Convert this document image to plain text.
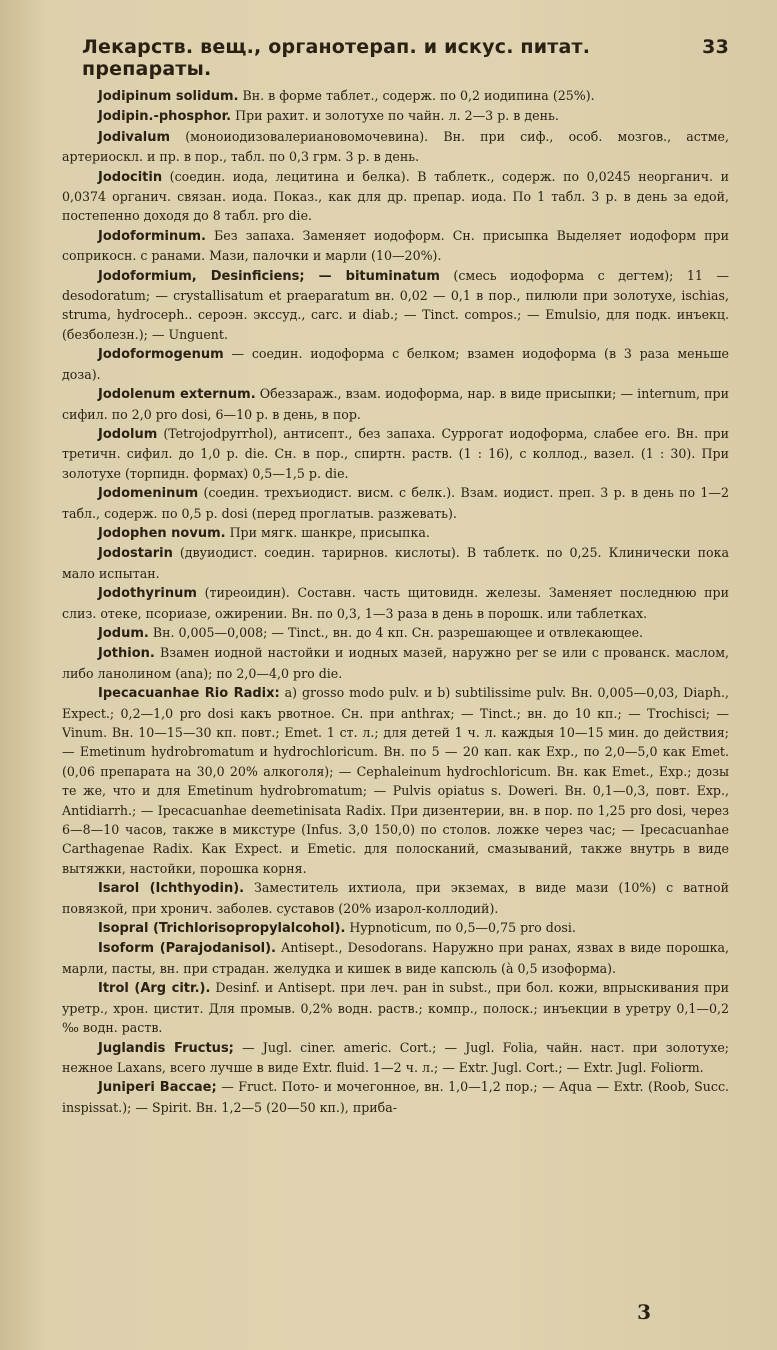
Лекарств. вещ., органотерап. и искус. питат. препараты.
33

Jodipinum solidum. Вн. в форме таблет., содерж. по 0,2 иодипина (25%).

Jodipin.-phosphor. При рахит. и золотухе по чайн. л. 2—3 р. в день.

Jodivalum (моноиодизовалериановомочевина). Вн. при сиф., особ. мозгов., астме, артериоскл. и пр. в пор., табл. по 0,3 грм. 3 р. в день.

Jodocitin (соедин. иода, лецитина и белка). В таблетк., содерж. по 0,0245 неорганич. и 0,0374 органич. связан. иода. Показ., как для др. препар. иода. По 1 табл. 3 р. в день за едой, постепенно доходя до 8 табл. pro die.

Jodoforminum. Без запаха. Заменяет иодоформ. Сн. присыпка Выделяет иодоформ при соприкосн. с ранами. Мази, палочки и марли (10—20%).

Jodoformium, Desinficiens; — bituminatum (смесь иодоформа с дегтем); 11 — desodoratum; — crystallisatum et praeparatum вн. 0,02 — 0,1 в пор., пилюли при золотухе, ischias, struma, hydroceph.. сероэн. экссуд., carc. и diab.; — Tinct. compos.; — Emulsio, для подк. инъекц. (безболезн.); — Unguent.

Jodoformogenum — соедин. иодоформа с белком; взамен иодоформа (в 3 раза меньше доза).

Jodolenum externum. Обеззараж., взам. иодоформа, нар. в виде присыпки; — internum, при сифил. по 2,0 pro dosi, 6—10 р. в день, в пор.

Jodolum (Tetrojodpyrrhol), антисепт., без запаха. Суррогат иодоформа, слабее его. Вн. при третичн. сифил. до 1,0 р. die. Сн. в пор., спиртн. раств. (1 : 16), с коллод., вазел. (1 : 30). При золотухе (торпидн. формах) 0,5—1,5 р. die.

Jodomeninum (соедин. трехъиодист. висм. с белк.). Взам. иодист. преп. 3 р. в день по 1—2 табл., содерж. по 0,5 р. dosi (перед проглатыв. разжевать).

Jodophen novum. При мягк. шанкре, присыпка.

Jodostarin (двуиодист. соедин. тарирнов. кислоты). В таблетк. по 0,25. Клинически пока мало испытан.

Jodothyrinum (тиреоидин). Составн. часть щитовидн. железы. Заменяет последнюю при слиз. отеке, псориазе, ожирении. Вн. по 0,3, 1—3 раза в день в порошк. или таблетках.

Jodum. Вн. 0,005—0,008; — Tinct., вн. до 4 кп. Сн. разрешающее и отвлекающее.

Jothion. Взамен иодной настойки и иодных мазей, наружно per se или с прованск. маслом, либо ланолином (ana); по 2,0—4,0 pro die.

Ipecacuanhae Rio Radix: a) grosso modo pulv. и b) subtilissime pulv. Вн. 0,005—0,03, Diaph., Expect.; 0,2—1,0 pro dosi какъ рвотное. Сн. при anthrax; — Tinct.; вн. до 10 кп.; — Trochisci; — Vinum. Вн. 10—15—30 кп. повт.; Emet. 1 ст. л.; для детей 1 ч. л. каждыя 10—15 мин. до действия; — Emetinum hydrobromatum и hydrochloricum. Вн. по 5 — 20 кап. как Exp., по 2,0—5,0 как Emet. (0,06 препарата на 30,0 20% алкоголя); — Cephaleinum hydrochloricum. Вн. как Emet., Exp.; дозы те же, что и для Emetinum hydrobromatum; — Pulvis opiatus s. Doweri. Вн. 0,1—0,3, повт. Exp., Antidiarrh.; — Ipecacuanhae deemetinisata Radix. При дизентерии, вн. в пор. по 1,25 pro dosi, через 6—8—10 часов, также в микстуре (Infus. 3,0 150,0) по столов. ложке через час; — Ipecacuanhae Carthagenae Radix. Как Expect. и Emetic. для полосканий, смазываний, также внутрь в виде вытяжки, настойки, порошка корня.

Isarol (Ichthyodin). Заместитель ихтиола, при экземах, в виде мази (10%) с ватной повязкой, при хронич. заболев. суставов (20% изарол-коллодий).

Isopral (Trichlorisopropylalcohol). Hypnoticum, по 0,5—0,75 pro dosi.

Isoform (Parajodanisol). Antisept., Desodorans. Наружно при ранах, язвах в виде порошка, марли, пасты, вн. при страдан. желудка и кишек в виде капсюль (à 0,5 изоформа).

Itrol (Arg citr.). Desinf. и Antisept. при леч. ран in subst., при бол. кожи, впрыскивания при уретр., хрон. цистит. Для промыв. 0,2% водн. раств.; компр., полоск.; инъекции в уретру 0,1—0,2 ‰ водн. раств.

Juglandis Fructus; — Jugl. ciner. americ. Cort.; — Jugl. Folia, чайн. наст. при золотухе; нежное Laxans, всего лучше в виде Extr. fluid. 1—2 ч. л.; — Extr. Jugl. Cort.; — Extr. Jugl. Foliorm.

Juniperi Baccae; — Fruct. Пото- и мочегонное, вн. 1,0—1,2 пор.; — Aqua — Extr. (Roob, Succ. inspissat.); — Spirit. Вн. 1,2—5 (20—50 кп.), приба-

3
